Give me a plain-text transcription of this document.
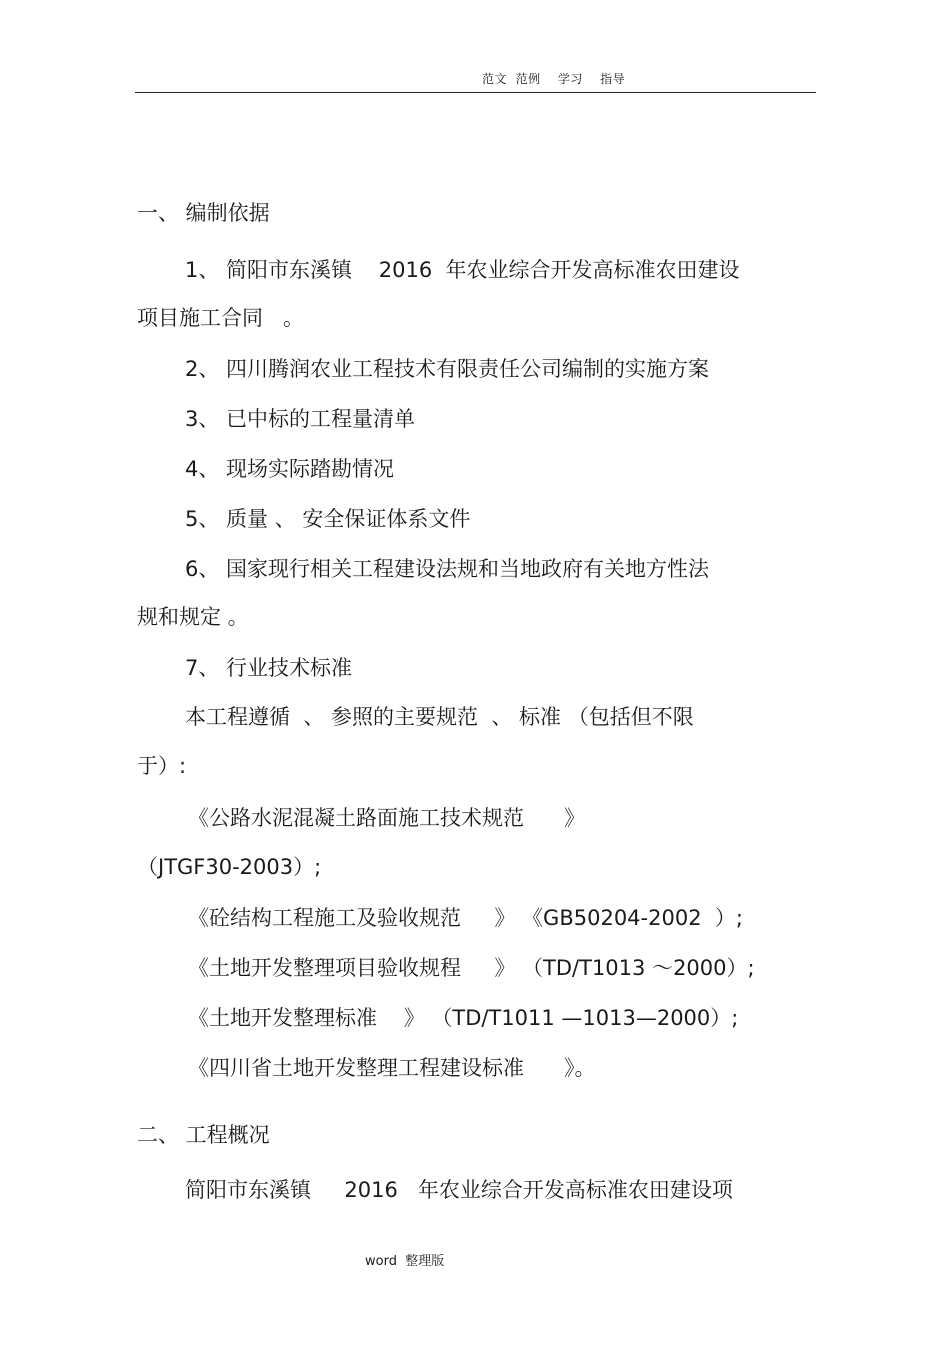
范文  范例    学习    指导
一、 编制依据
1、 简阳市东溪镇    2016  年农业综合开发高标准农田建设
项目施工合同   。
2、 四川腾润农业工程技术有限责任公司编制的实施方案
3、 已中标的工程量清单
4、 现场实际踏勘情况
5、 质量 、 安全保证体系文件
6、 国家现行相关工程建设法规和当地政府有关地方性法
规和规定 。
7、 行业技术标准
本工程遵循  、 参照的主要规范  、 标准 （包括但不限
于）:
《公路水泥混凝土路面施工技术规范      》
（JTGF30-2003）;
《砼结构工程施工及验收规范     》 《GB50204-2002  ）;
《土地开发整理项目验收规程     》 （TD/T1013 ～2000）;
《土地开发整理标准    》 （TD/T1011 —1013—2000）;
《四川省土地开发整理工程建设标准      》。
二、 工程概况
简阳市东溪镇     2016   年农业综合开发高标准农田建设项
word  整理版
